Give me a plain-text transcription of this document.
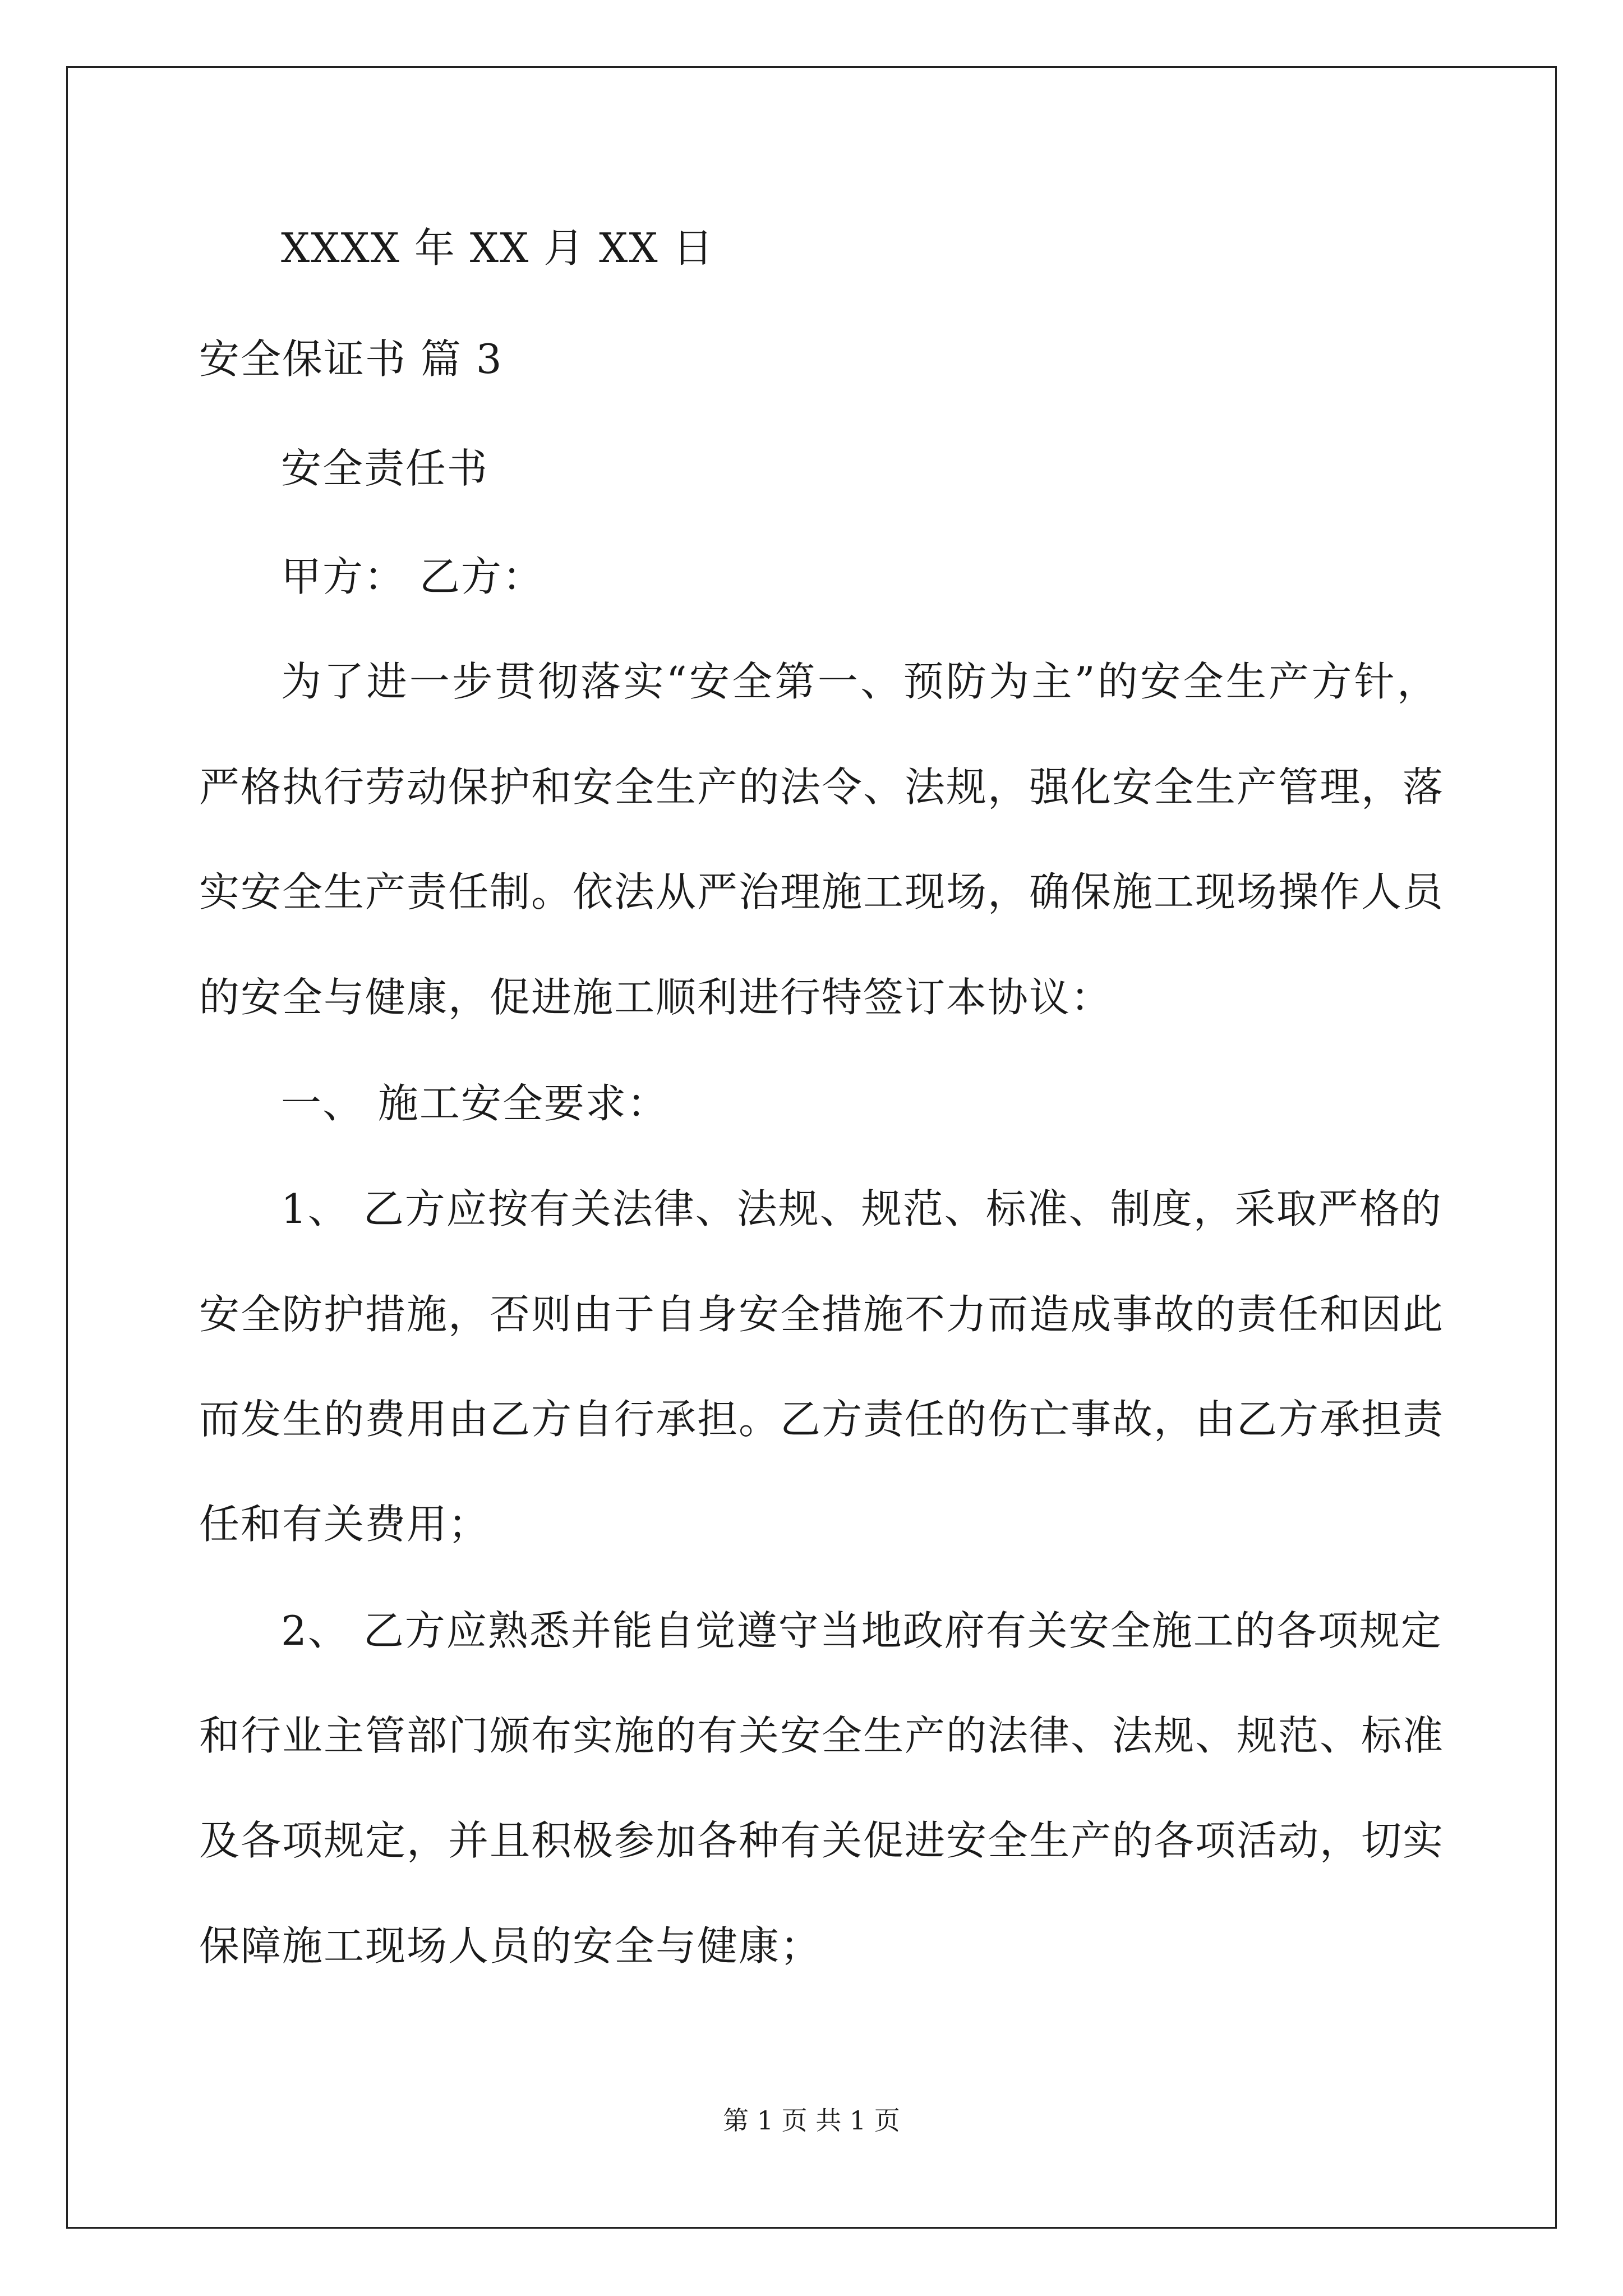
XXXX 年 XX 月 XX 日
安全保证书 篇 3
安全责任书
甲方： 乙方：
为了进一步贯彻落实“安全第一、预防为主”的安全生产方针，
严格执行劳动保护和安全生产的法令、法规，强化安全生产管理，落
实安全生产责任制。依法从严治理施工现场，确保施工现场操作人员
的安全与健康，促进施工顺利进行特签订本协议：
一、 施工安全要求：
1、 乙方应按有关法律、法规、规范、标准、制度，采取严格的
安全防护措施，否则由于自身安全措施不力而造成事故的责任和因此
而发生的费用由乙方自行承担。乙方责任的伤亡事故，由乙方承担责
任和有关费用；
2、 乙方应熟悉并能自觉遵守当地政府有关安全施工的各项规定
和行业主管部门颁布实施的有关安全生产的法律、法规、规范、标准
及各项规定，并且积极参加各种有关促进安全生产的各项活动，切实
保障施工现场人员的安全与健康；
第 1 页 共 1 页
